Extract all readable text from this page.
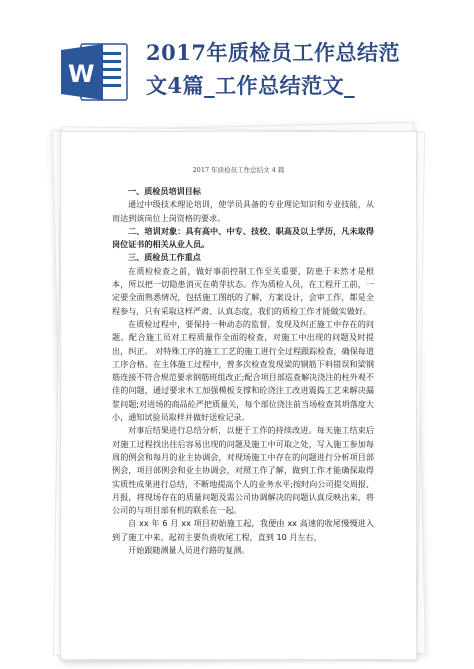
W
2017年质检员工作总结范
文4篇_工作总结范文_
2017 年质检员工作总结文 4 篇

一、质检员培训目标

通过中级技术理论培训，使学员具备的专业理论知识和专业技能，从而达到该岗位上岗资格的要求。

二、培训对象：具有高中、中专、技校、职高及以上学历，凡未取得岗位证书的相关从业人员。

三、质检员工作重点

在质检检查之前，做好事前控制工作至关重要，防患于未然才是根本，所以把一切隐患消灭在萌芽状态。作为质检人员，在工程开工前，一定要全面熟悉情况，包括施工图纸的了解，方案设计，会审工作，都是全程参与，只有采取这样严肃、认真态度，我们的质检工作才能做实做好。

在质检过程中，要保持一种动态的监督，发现及纠正施工中存在的问题。配合施工员对工程质量作全面的检查，对施工中出现的问题及时提出，纠正。 对特殊工序的施工工艺的施工进行全过程跟踪检查，确保每道工序合格。在主体施工过程中，曾多次检查发现梁的钢筋下料错误和梁钢筋连接不符合规范要求钢筋班组改正;配合项目部巡查解决浇注的柱外观不佳的问题，通过要求木工加强模板支撑和砼浇注工改进震捣工艺来解决漏浆问题;对进场的商品砼严把质量关，每个部位浇注前当场检查其坍落度大小，通知试验员取样并做好送检记录。

对事后结果进行总结分析，以便于工作的持续改进。每天施工结束后对施工过程找出往后容易出现的问题及施工中可取之处，写入施工参加每周的例会和每月的业主协调会，对现场施工中存在的问题进行分析项目部例会，项目部例会和业主协调会，对照工作了解，做到工作才能确保取得实质性成果进行总结，不断地提高个人的业务水平;按时向公司提交周报、月报，将现场存在的质量问题及需公司协调解决的问题认真反映出来，将公司的与项目部有机的联系在一起。

自 xx 年 6 月 xx 项目初始施工起，我便由 xx 高速的收尾慢慢进入到了施工中来，起初主要负责收尾工程，直到 10 月左右，

开始跟随测量人员进行路的复测。
